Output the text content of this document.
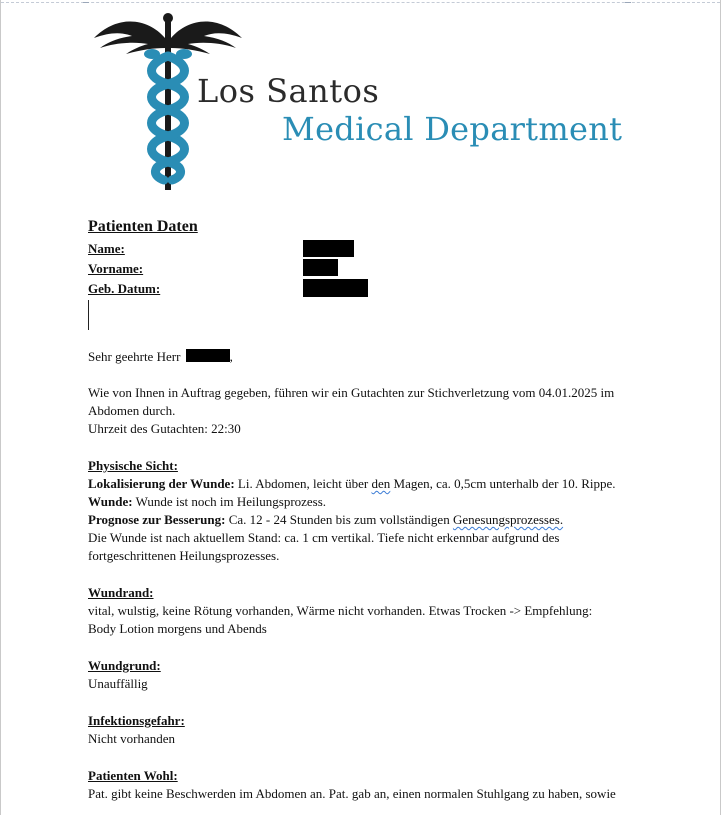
Los Santos
Medical Department
Patienten Daten
Name:
Vorname:
Geb. Datum:
Sehr geehrte Herr	,

Wie von Ihnen in Auftrag gegeben, führen wir ein Gutachten zur Stichverletzung vom 04.01.2025 im

Abdomen durch.

Uhrzeit des Gutachten: 22:30

Physische Sicht:

Lokalisierung der Wunde: Li. Abdomen, leicht über den Magen, ca. 0,5cm unterhalb der 10. Rippe.

Wunde: Wunde ist noch im Heilungsprozess.

Prognose zur Besserung: Ca. 12 - 24 Stunden bis zum vollständigen Genesungsprozesses.

Die Wunde ist nach aktuellem Stand: ca. 1 cm vertikal. Tiefe nicht erkennbar aufgrund des

fortgeschrittenen Heilungsprozesses.

Wundrand:

vital, wulstig, keine Rötung vorhanden, Wärme nicht vorhanden. Etwas Trocken -> Empfehlung:

Body Lotion morgens und Abends

Wundgrund:

Unauffällig

Infektionsgefahr:

Nicht vorhanden

Patienten Wohl:

Pat. gibt keine Beschwerden im Abdomen an. Pat. gab an, einen normalen Stuhlgang zu haben, sowie
